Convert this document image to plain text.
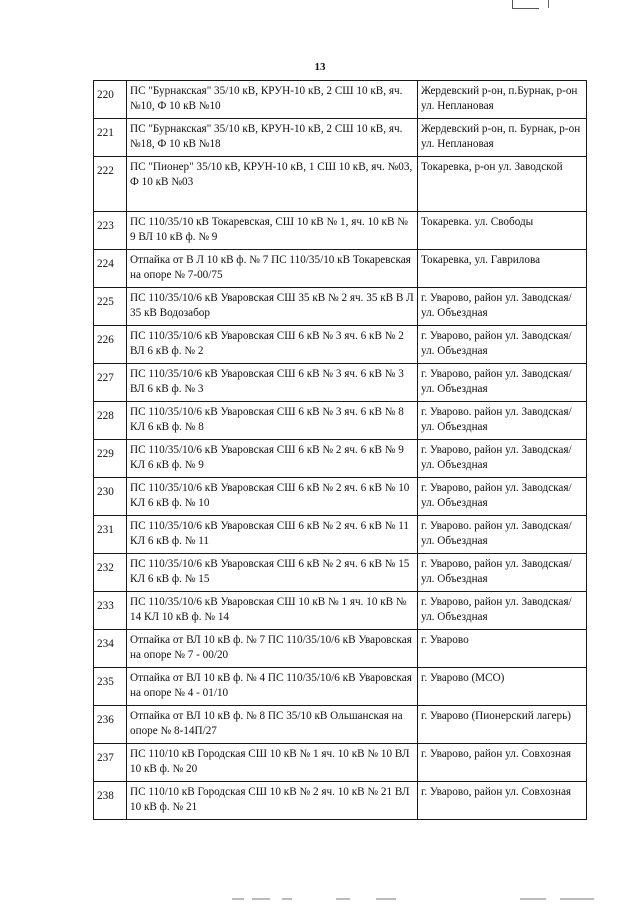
13
220	ПС "Бурнакская" 35/10 кВ, КРУН-10 кВ, 2 СШ 10 кВ, яч. №10, Ф 10 кВ №10	Жердевский р-он, п.Бурнак, р-он ул. Неплановая
221	ПС "Бурнакская" 35/10 кВ, КРУН-10 кВ, 2 СШ 10 кВ, яч. №18, Ф 10 кВ №18	Жердевский р-он, п. Бурнак, р-он ул. Неплановая
222	ПС "Пионер" 35/10 кВ, КРУН-10 кВ, 1 СШ 10 кВ, яч. №03, Ф 10 кВ №03	Токаревка, р-он ул. Заводской
223	ПС 110/35/10 кВ Токаревская, СШ 10 кВ № 1, яч. 10 кВ № 9 ВЛ 10 кВ ф. № 9	Токаревка. ул. Свободы
224	Отпайка от В Л 10 кВ ф. № 7 ПС 110/35/10 кВ Токаревская на опоре № 7-00/75	Токаревка, ул. Гаврилова
225	ПС 110/35/10/6 кВ Уваровская СШ 35 кВ № 2 яч. 35 кВ В Л 35 кВ Водозабор	г. Уварово, район ул. Заводская/ул. Объездная
226	ПС 110/35/10/6 кВ Уваровская СШ 6 кВ № 3 яч. 6 кВ № 2 ВЛ 6 кВ ф. № 2	г. Уварово, район ул. Заводская/ул. Объездная
227	ПС 110/35/10/6 кВ Уваровская СШ 6 кВ № 3 яч. 6 кВ № 3 ВЛ 6 кВ ф. № 3	г. Уварово, район ул. Заводская/ул. Объездная
228	ПС 110/35/10/6 кВ Уваровская СШ 6 кВ № 3 яч. 6 кВ № 8 КЛ 6 кВ ф. № 8	г. Уварово. район ул. Заводская/ул. Объездная
229	ПС 110/35/10/6 кВ Уваровская СШ 6 кВ № 2 яч. 6 кВ № 9 КЛ 6 кВ ф. № 9	г. Уварово, район ул. Заводская/ул. Объездная
230	ПС 110/35/10/6 кВ Уваровская СШ 6 кВ № 2 яч. 6 кВ № 10 КЛ 6 кВ ф. № 10	г. Уварово, район ул. Заводская/ул. Объездная
231	ПС 110/35/10/6 кВ Уваровская СШ 6 кВ № 2 яч. 6 кВ № 11 КЛ 6 кВ ф. № 11	г. Уварово. район ул. Заводская/ул. Объездная
232	ПС 110/35/10/6 кВ Уваровская СШ 6 кВ № 2 яч. 6 кВ № 15 КЛ 6 кВ ф. № 15	г. Уварово, район ул. Заводская/ул. Объездная
233	ПС 110/35/10/6 кВ Уваровская СШ 10 кВ № 1 яч. 10 кВ № 14 КЛ 10 кВ ф. № 14	г. Уварово, район ул. Заводская/ул. Объездная
234	Отпайка от ВЛ 10 кВ ф. № 7 ПС 110/35/10/6 кВ Уваровская на опоре № 7 - 00/20	г. Уварово
235	Отпайка от ВЛ 10 кВ ф. № 4 ПС 110/35/10/6 кВ Уваровская на опоре № 4 - 01/10	г. Уварово (МСО)
236	Отпайка от ВЛ 10 кВ ф. № 8 ПС 35/10 кВ Ольшанская на опоре № 8-14П/27	г. Уварово (Пионерский лагерь)
237	ПС 110/10 кВ Городская СШ 10 кВ № 1 яч. 10 кВ № 10 ВЛ 10 кВ ф. № 20	г. Уварово, район ул. Совхозная
238	ПС 110/10 кВ Городская СШ 10 кВ № 2 яч. 10 кВ № 21 ВЛ 10 кВ ф. № 21	г. Уварово, район ул. Совхозная
